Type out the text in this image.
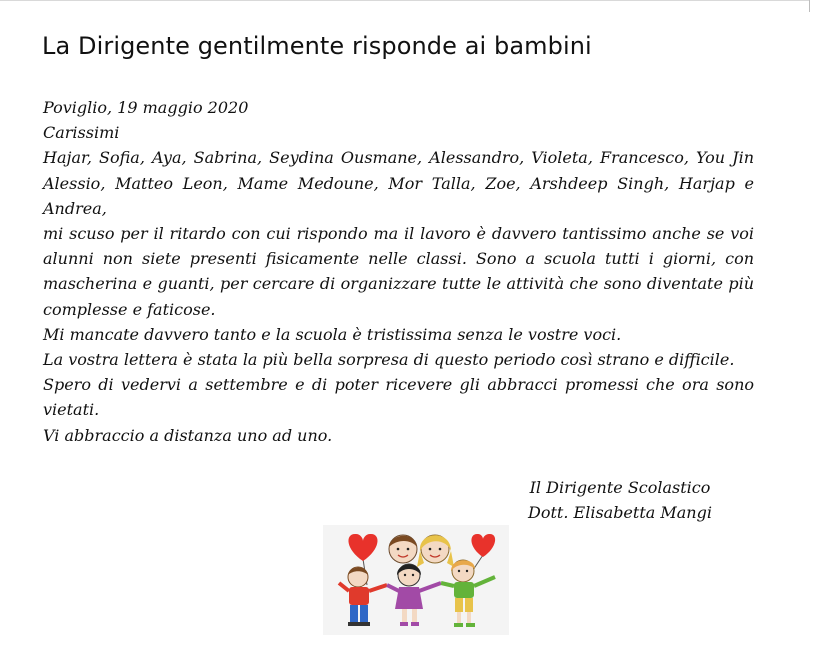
La Dirigente gentilmente risponde ai bambini

Poviglio, 19 maggio 2020

Carissimi

Hajar, Sofia, Aya, Sabrina, Seydina Ousmane, Alessandro, Violeta, Francesco, You Jin Alessio, Matteo Leon, Mame Medoune, Mor Talla, Zoe, Arshdeep Singh, Harjap e Andrea,

mi scuso per il ritardo con cui rispondo ma il lavoro è davvero tantissimo anche se voi alunni non siete presenti fisicamente nelle classi. Sono a scuola tutti i giorni, con mascherina e guanti, per cercare di organizzare tutte le attività che sono diventate più complesse e faticose.

Mi mancate davvero tanto e la scuola è tristissima senza le vostre voci.

La vostra lettera è stata la più bella sorpresa di questo periodo così strano e difficile.

Spero di vedervi a settembre e di poter ricevere gli abbracci promessi che ora sono vietati.

Vi abbraccio a distanza uno ad uno.

Il Dirigente Scolastico

Dott. Elisabetta Mangi
